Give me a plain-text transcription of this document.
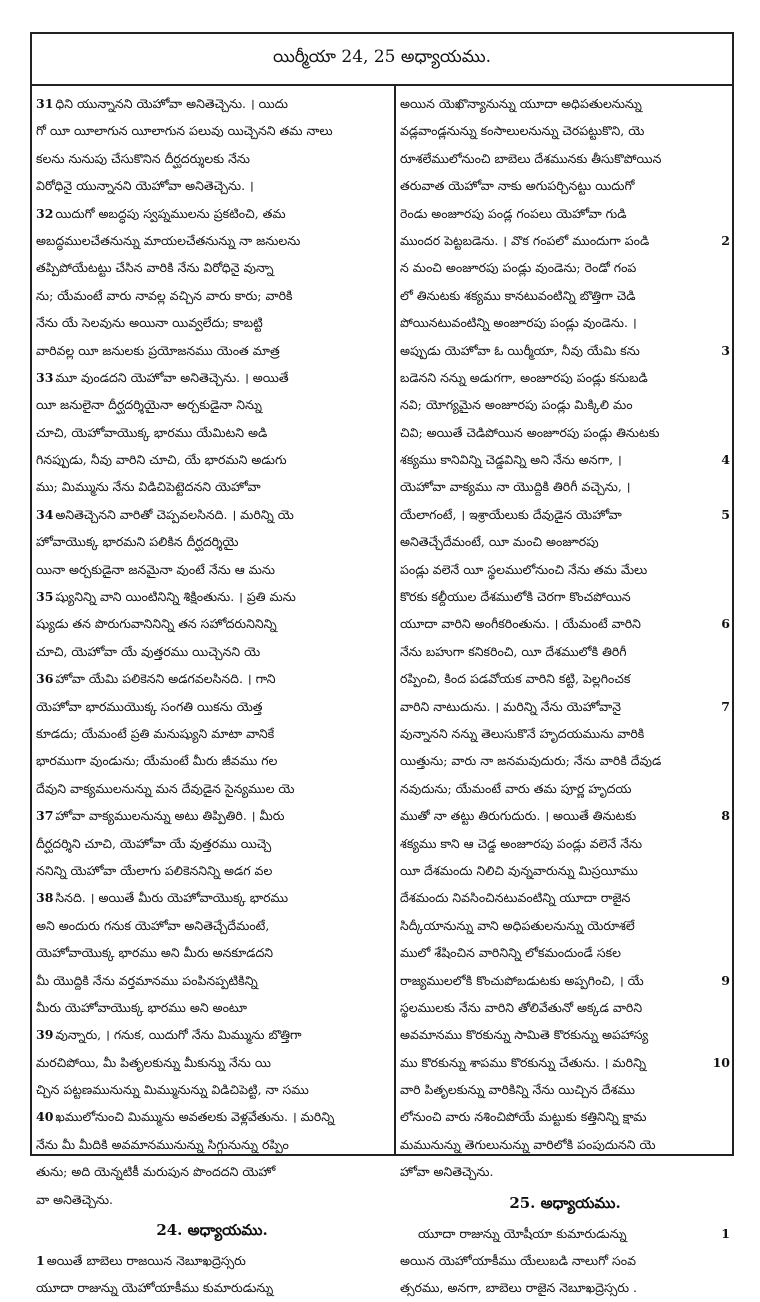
యిర్మీయా 24, 25 అధ్యాయము.
31 ధిని యున్నానని యెహోవా అనితెచ్చెను. । యిదు
గో యీ యీలాగున యీలాగున పలువు యిచ్చెనని తమ నాలు
కలను నునుపు చేసుకొనిన దీర్ఘదర్శులకు నేను
విరోధినై యున్నానని యెహోవా అనితెచ్చెను. ।
32 యిదుగో అబద్ధపు స్వప్నములను ప్రకటించి, తమ
అబద్ధములచేతనున్ను మాయలచేతనున్ను నా జనులను
తప్పిపోయేటట్టు చేసిన వారికి నేను విరోధినై వున్నా
ను; యేమంటే వారు నావల్ల వచ్చిన వారు కారు; వారికి
నేను యే సెలవును అయినా యివ్వలేదు; కాబట్టి
వారివల్ల యీ జనులకు ప్రయోజనము యెంత మాత్ర
33 మూ వుండదని యెహోవా అనితెచ్చెను. । అయితే
యీ జనులైనా దీర్ఘదర్శియైనా అర్చకుడైనా నిన్ను
చూచి, యెహోవాయొక్క భారము యేమిటని అడి
గినప్పుడు, నీవు వారిని చూచి, యే భారమని అడుగు
ము; మిమ్మును నేను విడిచిపెట్టెదనని యెహోవా
34 అనితెచ్చెనని వారితో చెప్పవలసినది. । మరిన్ని యె
హోవాయొక్క భారమని పలికిన దీర్ఘదర్శియై
యినా అర్చకుడైనా జనమైనా వుంటే నేను ఆ మను
35 ష్యునిన్ని వాని యింటినిన్ని శిక్షింతును. । ప్రతి మను
ష్యుడు తన పొరుగువానినిన్ని తన సహోదరునినిన్ని
చూచి, యెహోవా యే వుత్తరము యిచ్చెనని యె
36 హోవా యేమి పలికెనని అడగవలసినది. । గాని
యెహోవా భారముయొక్క సంగతి యికను యెత్త
కూడదు; యేమంటే ప్రతి మనుష్యుని మాటా వానికే
భారముగా వుండును; యేమంటే మీరు జీవము గల
దేవుని వాక్యములనున్ను మన దేవుడైన సైన్యముల యె
37 హోవా వాక్యములనున్ను అటు తిప్పితిరి. । మీరు
దీర్ఘదర్శిని చూచి, యెహోవా యే వుత్తరము యిచ్చె
ననిన్ని యెహోవా యేలాగు పలికెననిన్ని అడగ వల
38 సినది. । అయితే మీరు యెహోవాయొక్క భారము
అని అందురు గనుక యెహోవా అనితెచ్చేదేమంటే,
యెహోవాయొక్క భారము అని మీరు అనకూడదని
మీ యొద్దికి నేను వర్తమానము పంపినప్పటికిన్ని
మీరు యెహోవాయొక్క భారము అని అంటూ
39 వున్నారు, । గనుక, యిదుగో నేను మిమ్మును బొత్తిగా
మరచిపోయి, మీ పితృలకున్ను మీకున్ను నేను యి
చ్చిన పట్టణమునున్ను మిమ్మునున్ను విడిచిపెట్టి, నా సము
40 ఖములోనుంచి మిమ్మును అవతలకు వెళ్లవేతును. । మరిన్ని
నేను మీ మీదికి అవమానమునున్ను సిగ్గునున్ను రప్పిం
తును; అది యెన్నటికీ మరుపున పొందదని యెహో
వా అనితెచ్చెను.
24. అధ్యాయము.
1 అయితే బాబెలు రాజయిన నెబూఖద్రెస్సరు
యూదా రాజున్ను యెహోయాకీము కుమారుడున్ను
అయిన యెఖొన్యానున్ను యూదా అధిపతులనున్ను
వడ్లవాండ్లనున్ను కంసాలులనున్ను చెరపట్టుకొని, యె
రూశలేములోనుంచి బాబెలు దేశమునకు తీసుకొపోయిన
తరువాత యెహోవా నాకు అగుపర్చినట్టు యిదుగో
రెండు అంజూరపు పండ్ల గంపలు యెహోవా గుడి
ముందర పెట్టబడెను. । వొక గంపలో ముందుగా పండి	2
న మంచి అంజూరపు పండ్లు వుండెను; రెండో గంప
లో తినుటకు శక్యము కానటువంటిన్ని బొత్తిగా చెడి
పోయినటువంటిన్ని అంజూరపు పండ్లు వుండెను. ।
అప్పుడు యెహోవా ఓ యిర్మీయా, నీవు యేమి కను	3
బడెనని నన్ను అడుగగా, అంజూరపు పండ్లు కనుబడి
నవి; యోగ్యమైన అంజూరపు పండ్లు మిక్కిలి మం
చివి; అయితే చెడిపోయిన అంజూరపు పండ్లు తినుటకు
శక్యము కానివిన్ని చెడ్డవిన్ని అని నేను అనగా, ।	4
యెహోవా వాక్యము నా యొద్దికి తిరిగీ వచ్చెను, ।
యేలాగంటే, । ఇశ్రాయేలుకు దేవుడైన యెహోవా	5
అనితెచ్చేదేమంటే, యీ మంచి అంజూరపు
పండ్లు వలెనే యీ స్థలములోనుంచి నేను తమ మేలు
కొరకు కల్దీయుల దేశములోకి చెరగా కొంచపోయిన
యూదా వారిని అంగీకరింతును. । యేమంటే వారిని	6
నేను బహుగా కనికరించి, యీ దేశములోకి తిరిగీ
రప్పించి, కింద పడవోయక వారిని కట్టి, పెల్లగించక
వారిని నాటుదును. । మరిన్ని నేను యెహోవానై	7
వున్నానని నన్ను తెలుసుకొనే హృదయమును వారికి
యిత్తును; వారు నా జనమవుదురు; నేను వారికి దేవుడ
నవుదును; యేమంటే వారు తమ పూర్ణ హృదయ
ముతో నా తట్టు తిరుగుదురు. । అయితే తినుటకు	8
శక్యము కాని ఆ చెడ్డ అంజూరపు పండ్లు వలెనే నేను
యీ దేశమందు నిలిచి వున్నవారున్ను మిస్రయీము
దేశమందు నివసించినటువంటిన్ని యూదా రాజైన
సిద్కీయానున్ను వాని అధిపతులనున్ను యెరూశలే
ములో శేషించిన వారినిన్ని లోకమందుండే సకల
రాజ్యములలోకి కొంచుపోబడుటకు అప్పగించి, । యే	9
స్థలములకు నేను వారిని తోలివేతునో అక్కడ వారిని
అవమానము కొరకున్ను సామితె కొరకున్ను అపహాస్య
ము కొరకున్ను శాపము కొరకున్ను చేతును. । మరిన్ని	10
వారి పితృలకున్ను వారికిన్ని నేను యిచ్చిన దేశము
లోనుంచి వారు నశించిపోయే మట్టుకు కత్తినిన్ని క్షామ
మమునున్ను తెగులునున్ను వారిలోకి పంపుదునని యె
హోవా అనితెచ్చెను.
25. అధ్యాయము.
యూదా రాజున్ను యోషీయా కుమారుడున్ను	1
అయిన యెహోయాకీము యేలుబడి నాలుగో సంవ
త్సరము, అనగా, బాబెలు రాజైన నెబూఖద్రెస్సరు .
